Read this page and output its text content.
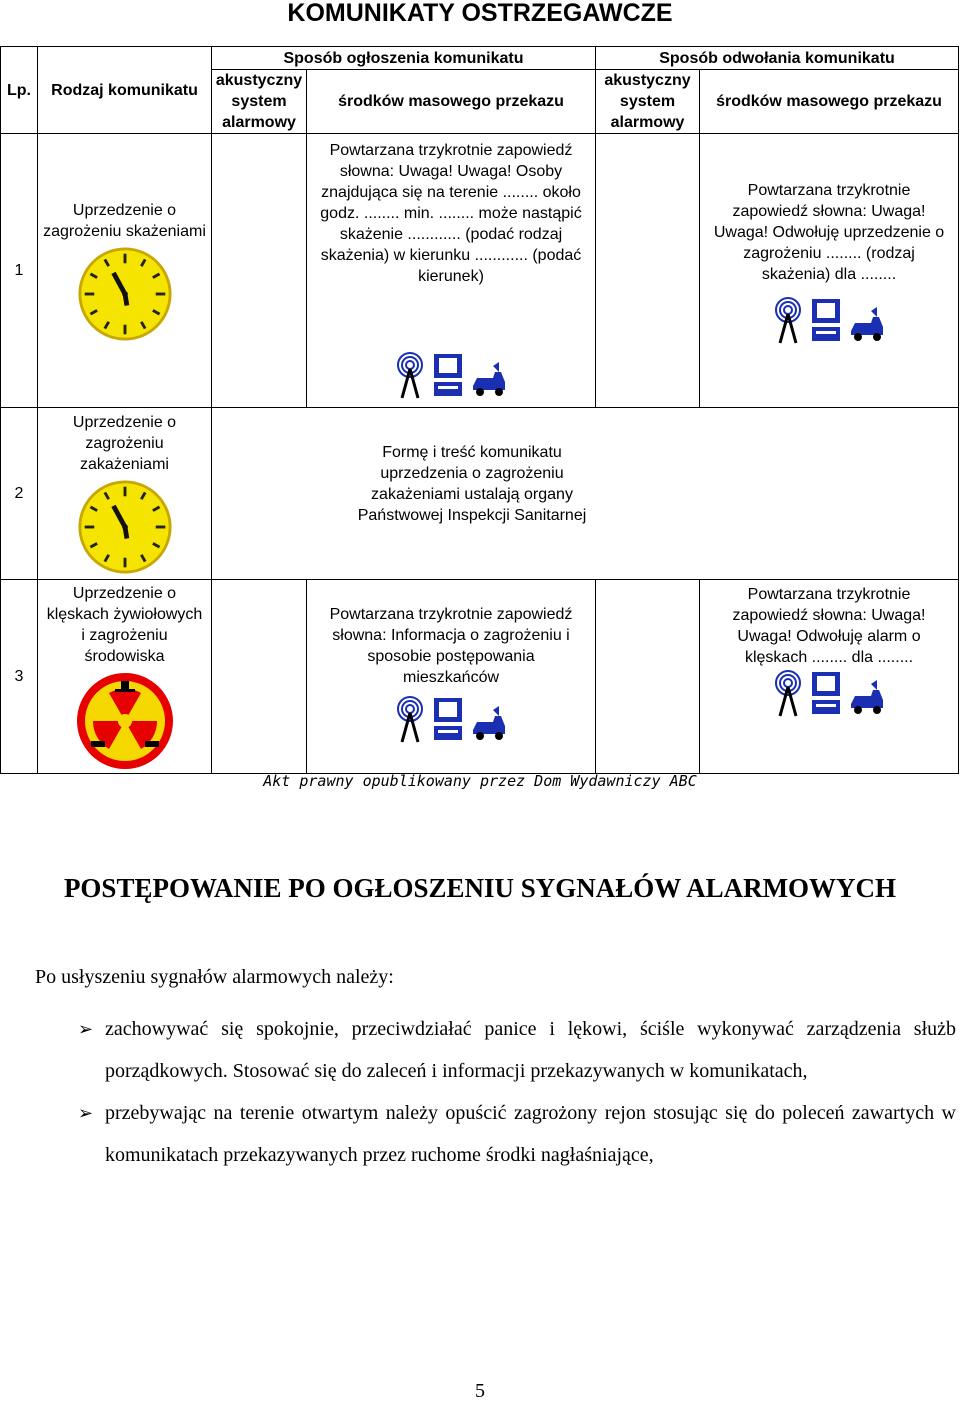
KOMUNIKATY OSTRZEGAWCZE
Lp.	Rodzaj komunikatu	Sposób ogłoszenia komunikatu		Sposób odwołania komunikatu	
		akustyczny system alarmowy	środków masowego przekazu	akustyczny system alarmowy	środków masowego przekazu
1	Uprzedzenie o zagrożeniu skażeniami		Powtarzana trzykrotnie zapowiedź słowna: Uwaga! Uwaga! Osoby znajdująca się na terenie ........ około godz. ........ min. ........ może nastąpić skażenie ............ (podać rodzaj skażenia) w kierunku ............ (podać kierunek)		Powtarzana trzykrotnie zapowiedź słowna: Uwaga! Uwaga! Odwołuję uprzedzenie o zagrożeniu ........ (rodzaj skażenia) dla ........

2	Uprzedzenie o zagrożeniu zakażeniami	Formę i treść komunikatu uprzedzenia o zagrożeniu zakażeniami ustalają organy Państwowej Inspekcji Sanitarnej			

3	Uprzedzenie o klęskach żywiołowych i zagrożeniu środowiska		Powtarzana trzykrotnie zapowiedź słowna: Informacja o zagrożeniu i sposobie postępowania mieszkańców		Powtarzana trzykrotnie zapowiedź słowna: Uwaga! Uwaga! Odwołuję alarm o klęskach ........ dla ........
Akt prawny opublikowany przez Dom Wydawniczy ABC
POSTĘPOWANIE PO OGŁOSZENIU SYGNAŁÓW ALARMOWYCH
Po usłyszeniu sygnałów alarmowych należy:
➢ zachowywać się spokojnie, przeciwdziałać panice i lękowi, ściśle wykonywać zarządzenia służb porządkowych. Stosować się do zaleceń i informacji przekazywanych w komunikatach,
➢ przebywając na terenie otwartym należy opuścić zagrożony rejon stosując się do poleceń zawartych w komunikatach przekazywanych przez ruchome środki nagłaśniające,
5
